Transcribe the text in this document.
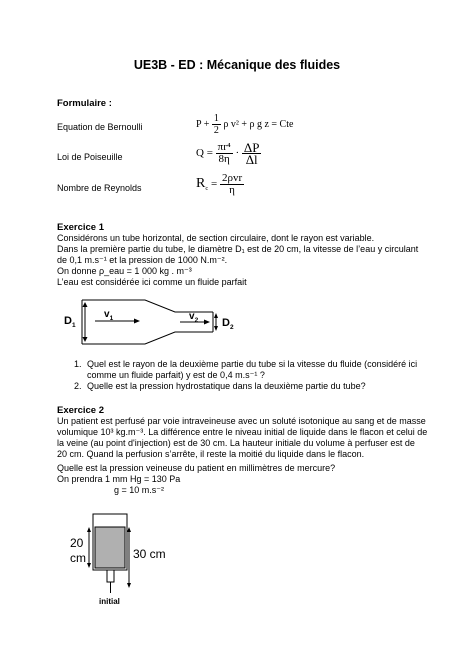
UE3B - ED : Mécanique des fluides
Formulaire :
Equation de Bernoulli	$P + \frac{1}{2}$ ρ v² + ρ g z = Cte
Loi de Poiseuille	$Q = \frac{\text{πr⁴}}{8\eta} \cdot \frac{\Delta P}{\Delta l}$
Nombre de Reynolds	$R_c = \frac{\text{2ρvr}}{\eta}$
Exercice 1
Considérons un tube horizontal, de section circulaire, dont le rayon est variable.
Dans la première partie du tube, le diamètre D₁ est de 20 cm, la vitesse de l’eau y circulant
de 0,1 m.s⁻¹ et la pression de 1000 N.m⁻².
On donne ρ_eau = 1 000 kg . m⁻³
L’eau est considérée ici comme un fluide parfait
$D_1$
$v_1$	$v_2$ $D_2$
1. Quel est le rayon de la deuxième partie du tube si la vitesse du fluide (considéré ici
comme un fluide parfait) y est de 0,4 m.s⁻¹ ?
2. Quelle est la pression hydrostatique dans la deuxième partie du tube?
Exercice 2
Un patient est perfusé par voie intraveineuse avec un soluté isotonique au sang et de masse
volumique 10³ kg.m⁻³. La différence entre le niveau initial de liquide dans le flacon et celui de
la veine (au point d'injection) est de 30 cm. La hauteur initiale du volume à perfuser est de
20 cm. Quand la perfusion s’arrête, il reste la moitié du liquide dans le flacon.
Quelle est la pression veineuse du patient en millimètres de mercure?
On prendra 1 mm Hg = 130 Pa
g = 10 m.s⁻²
20
cm	30 cm
initial
